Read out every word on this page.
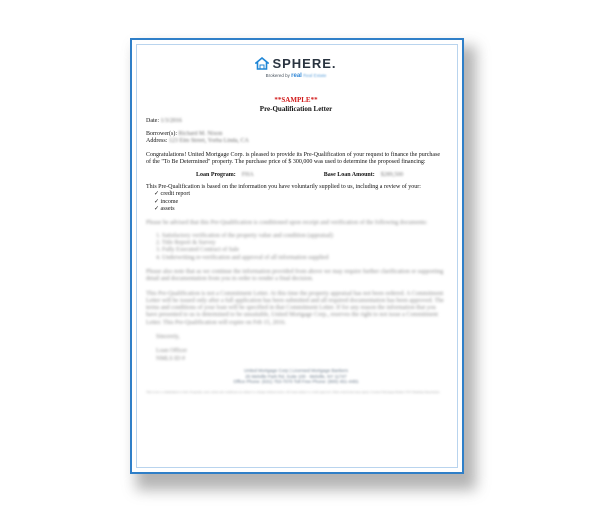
SPHERE.
Brokered by real Real Estate
**SAMPLE**
Pre-Qualification Letter
Date: 1/3/2016
Borrower(s): Richard M. Nixon
Address: 123 Elm Street, Yorba Linda, CA
Congratulations! United Mortgage Corp. is pleased to provide its Pre-Qualification of your request to finance the purchase of the "To Be Determined" property. The purchase price of $ 300,000 was used to determine the proposed financing:
Loan Program: FHA	Base Loan Amount: $289,500
This Pre-Qualification is based on the information you have voluntarily supplied to us, including a review of your:
✓ credit report
✓ income
✓ assets
Please be advised that this Pre-Qualification is conditioned upon receipt and verification of the following documents:
1. Satisfactory verification of the property value and condition (appraisal)
2. Title Report & Survey
3. Fully Executed Contract of Sale
4. Underwriting re-verification and approval of all information supplied
Please also note that as we continue the information provided from above we may require further clarification or supporting detail and documentation from you in order to render a final decision.
This Pre-Qualification is not a Commitment Letter. At this time the property appraisal has not been ordered. A Commitment Letter will be issued only after a full application has been submitted and all required documentation has been approved. The terms and conditions of your loan will be specified in that Commitment Letter. If for any reason the information that you have presented to us is determined to be unsuitable, United Mortgage Corp., reserves the right to not issue a Commitment Letter. This Pre-Qualification will expire on Feb 15, 2016.
Sincerely,
Loan Officer
NMLS ID #
United Mortgage Corp | Licensed Mortgage Bankers
25 Melville Park Rd, Suite 100 · Melville, NY 11747
Office Phone: (631) 753-7070 Toll Free Phone: (800) 451-4481
This is not a commitment to lend. Programs, rates, terms and conditions are subject to change without notice. All loans subject to credit approval. Other restrictions may apply. Licensed Mortgage Banker NYS Banking Department.
